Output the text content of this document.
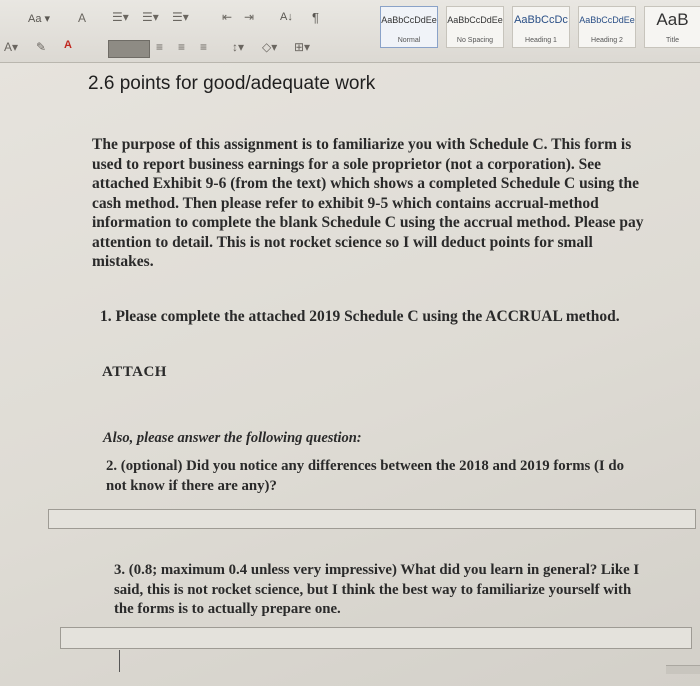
Aa ▾ A ☰▾ ☰▾ ☰▾	⇤ ⇥ A↓ ¶
A▾ ✎ A	≡ ≡ ≡ ↕▾ ◇▾ ⊞▾
AaBbCcDdEe
Normal
AaBbCcDdEe
No Spacing
AaBbCcDc
Heading 1
AaBbCcDdEe
Heading 2
AaB
Title
2.6 points for good/adequate work

The purpose of this assignment is to familiarize you with Schedule C. This form is used to report business earnings for a sole proprietor (not a corporation). See attached Exhibit 9-6 (from the text) which shows a completed Schedule C using the cash method. Then please refer to exhibit 9-5 which contains accrual-method information to complete the blank Schedule C using the accrual method. Please pay attention to detail. This is not rocket science so I will deduct points for small mistakes.

1. Please complete the attached 2019 Schedule C using the ACCRUAL method.

ATTACH

Also, please answer the following question:

2. (optional) Did you notice any differences between the 2018 and 2019 forms (I do not know if there are any)?

3. (0.8; maximum 0.4 unless very impressive) What did you learn in general? Like I said, this is not rocket science, but I think the best way to familiarize yourself with the forms is to actually prepare one.
